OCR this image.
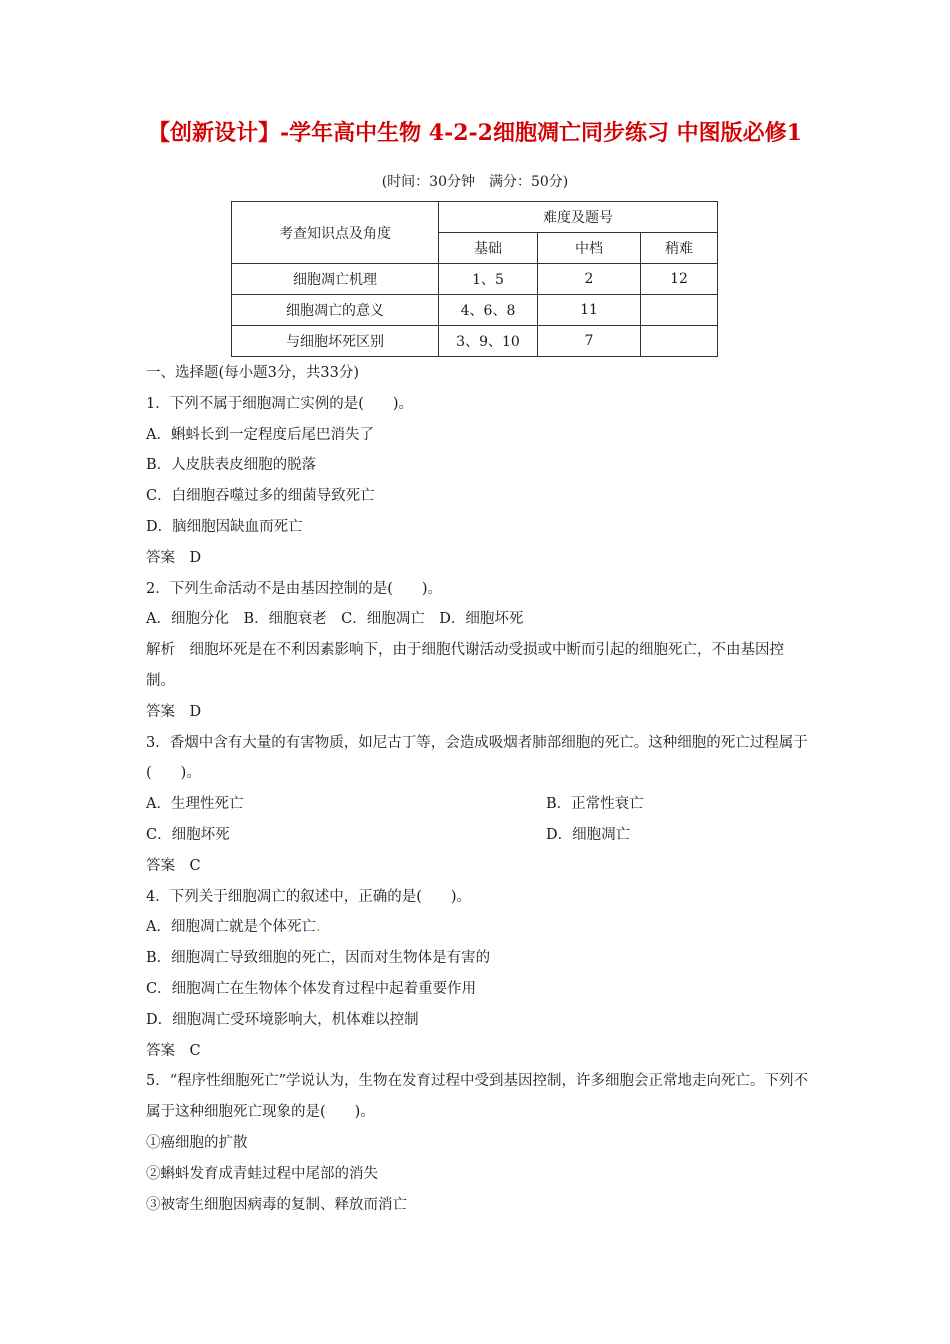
【创新设计】-学年高中生物 4-2-2细胞凋亡同步练习 中图版必修1
(时间：30分钟　满分：50分)
考查知识点及角度	难度及题号		
	基础	中档	稍难
细胞凋亡机理	1、5	2	12
细胞凋亡的意义	4、6、8	11	
与细胞坏死区别	3、9、10	7	
一、选择题(每小题3分，共33分)
1．下列不属于细胞凋亡实例的是(　　)。
A．蝌蚪长到一定程度后尾巴消失了
B．人皮肤表皮细胞的脱落
C．白细胞吞噬过多的细菌导致死亡
D．脑细胞因缺血而死亡
答案　D
2．下列生命活动不是由基因控制的是(　　)。
A．细胞分化　B．细胞衰老　C．细胞凋亡　D．细胞坏死
解析　细胞坏死是在不利因素影响下，由于细胞代谢活动受损或中断而引起的细胞死亡，不由基因控制。
答案　D
3．香烟中含有大量的有害物质，如尼古丁等，会造成吸烟者肺部细胞的死亡。这种细胞的死亡过程属于(　　)。
A．生理性死亡	B．正常性衰亡
C．细胞坏死	D．细胞凋亡
答案　C
4．下列关于细胞凋亡的叙述中，正确的是(　　)。
A．细胞凋亡就是个体死亡.
B．细胞凋亡导致细胞的死亡，因而对生物体是有害的
C．细胞凋亡在生物体个体发育过程中起着重要作用
D．细胞凋亡受环境影响大，机体难以控制
答案　C
5．“程序性细胞死亡”学说认为，生物在发育过程中受到基因控制，许多细胞会正常地走向死亡。下列不属于这种细胞死亡现象的是(　　)。
①癌细胞的扩散
②蝌蚪发育成青蛙过程中尾部的消失
③被寄生细胞因病毒的复制、释放而消亡
